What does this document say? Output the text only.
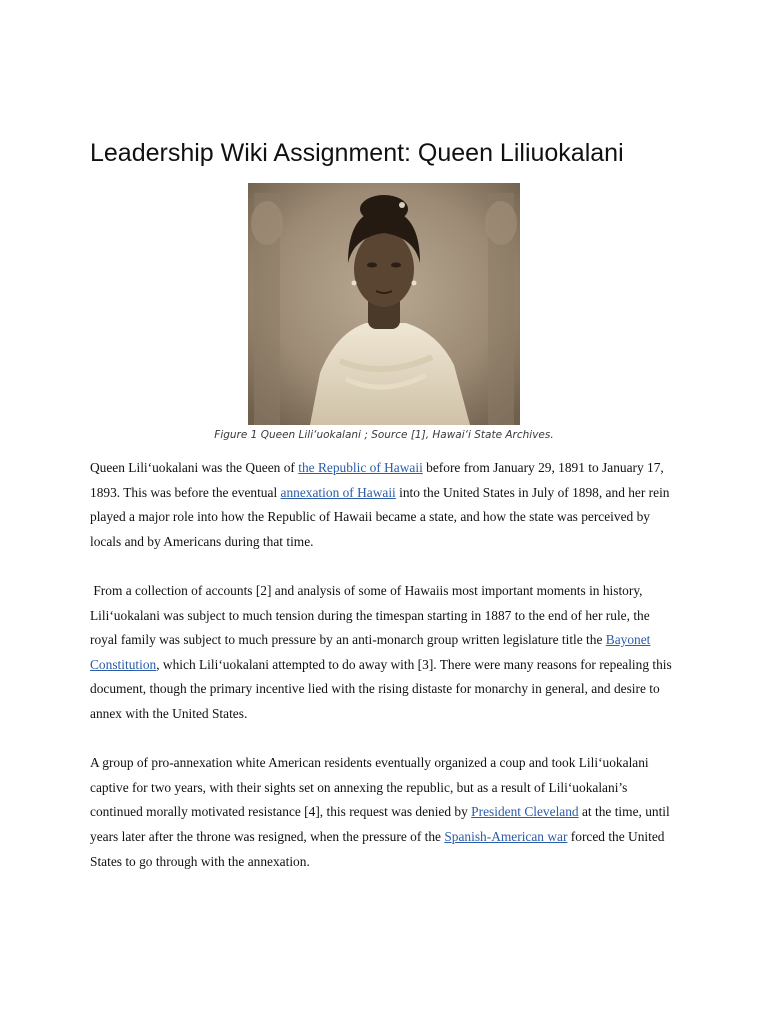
Leadership Wiki Assignment: Queen Liliuokalani
Figure 1 Queen Lili‘uokalani ; Source [1], Hawai‘i State Archives.

Queen Lili‘uokalani was the Queen of the Republic of Hawaii before from January 29, 1891 to January 17, 1893. This was before the eventual annexation of Hawaii into the United States in July of 1898, and her rein played a major role into how the Republic of Hawaii became a state, and how the state was perceived by locals and by Americans during that time.

From a collection of accounts [2] and analysis of some of Hawaiis most important moments in history, Lili‘uokalani was subject to much tension during the timespan starting in 1887 to the end of her rule, the royal family was subject to much pressure by an anti-monarch group written legislature title the Bayonet Constitution, which Lili‘uokalani attempted to do away with [3]. There were many reasons for repealing this document, though the primary incentive lied with the rising distaste for monarchy in general, and desire to annex with the United States.

A group of pro-annexation white American residents eventually organized a coup and took Lili‘uokalani captive for two years, with their sights set on annexing the republic, but as a result of Lili‘uokalani’s continued morally motivated resistance [4], this request was denied by President Cleveland at the time, until years later after the throne was resigned, when the pressure of the Spanish-American war forced the United States to go through with the annexation.
